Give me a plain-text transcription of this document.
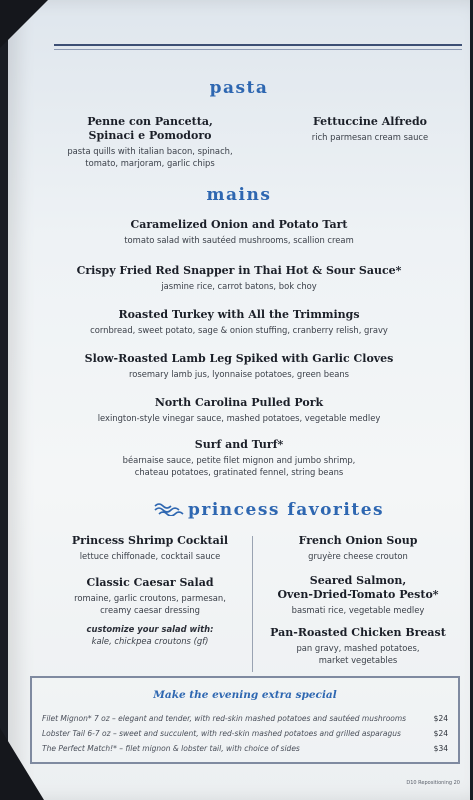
pasta
Penne con Pancetta,
Spinaci e Pomodoro
pasta quills with italian bacon, spinach,
tomato, marjoram, garlic chips
Fettuccine Alfredo
rich parmesan cream sauce
mains
Caramelized Onion and Potato Tart
tomato salad with sautéed mushrooms, scallion cream
Crispy Fried Red Snapper in Thai Hot & Sour Sauce*
jasmine rice, carrot batons, bok choy
Roasted Turkey with All the Trimmings
cornbread, sweet potato, sage & onion stuffing, cranberry relish, gravy
Slow-Roasted Lamb Leg Spiked with Garlic Cloves
rosemary lamb jus, lyonnaise potatoes, green beans
North Carolina Pulled Pork
lexington-style vinegar sauce, mashed potatoes, vegetable medley
Surf and Turf*
béarnaise sauce, petite filet mignon and jumbo shrimp,
chateau potatoes, gratinated fennel, string beans
princess favorites
Princess Shrimp Cocktail
lettuce chiffonade, cocktail sauce
Classic Caesar Salad
romaine, garlic croutons, parmesan,
creamy caesar dressing
customize your salad with:
kale, chickpea croutons (gf)
French Onion Soup
gruyère cheese crouton
Seared Salmon,
Oven-Dried-Tomato Pesto*
basmati rice, vegetable medley
Pan-Roasted Chicken Breast
pan gravy, mashed potatoes,
market vegetables
Make the evening extra special
Filet Mignon* 7 oz – elegant and tender, with red-skin mashed potatoes and sautéed mushrooms	$24
Lobster Tail 6-7 oz – sweet and succulent, with red-skin mashed potatoes and grilled asparagus	$24
The Perfect Match!* – filet mignon & lobster tail, with choice of sides	$34
D10 Repositioning 20
